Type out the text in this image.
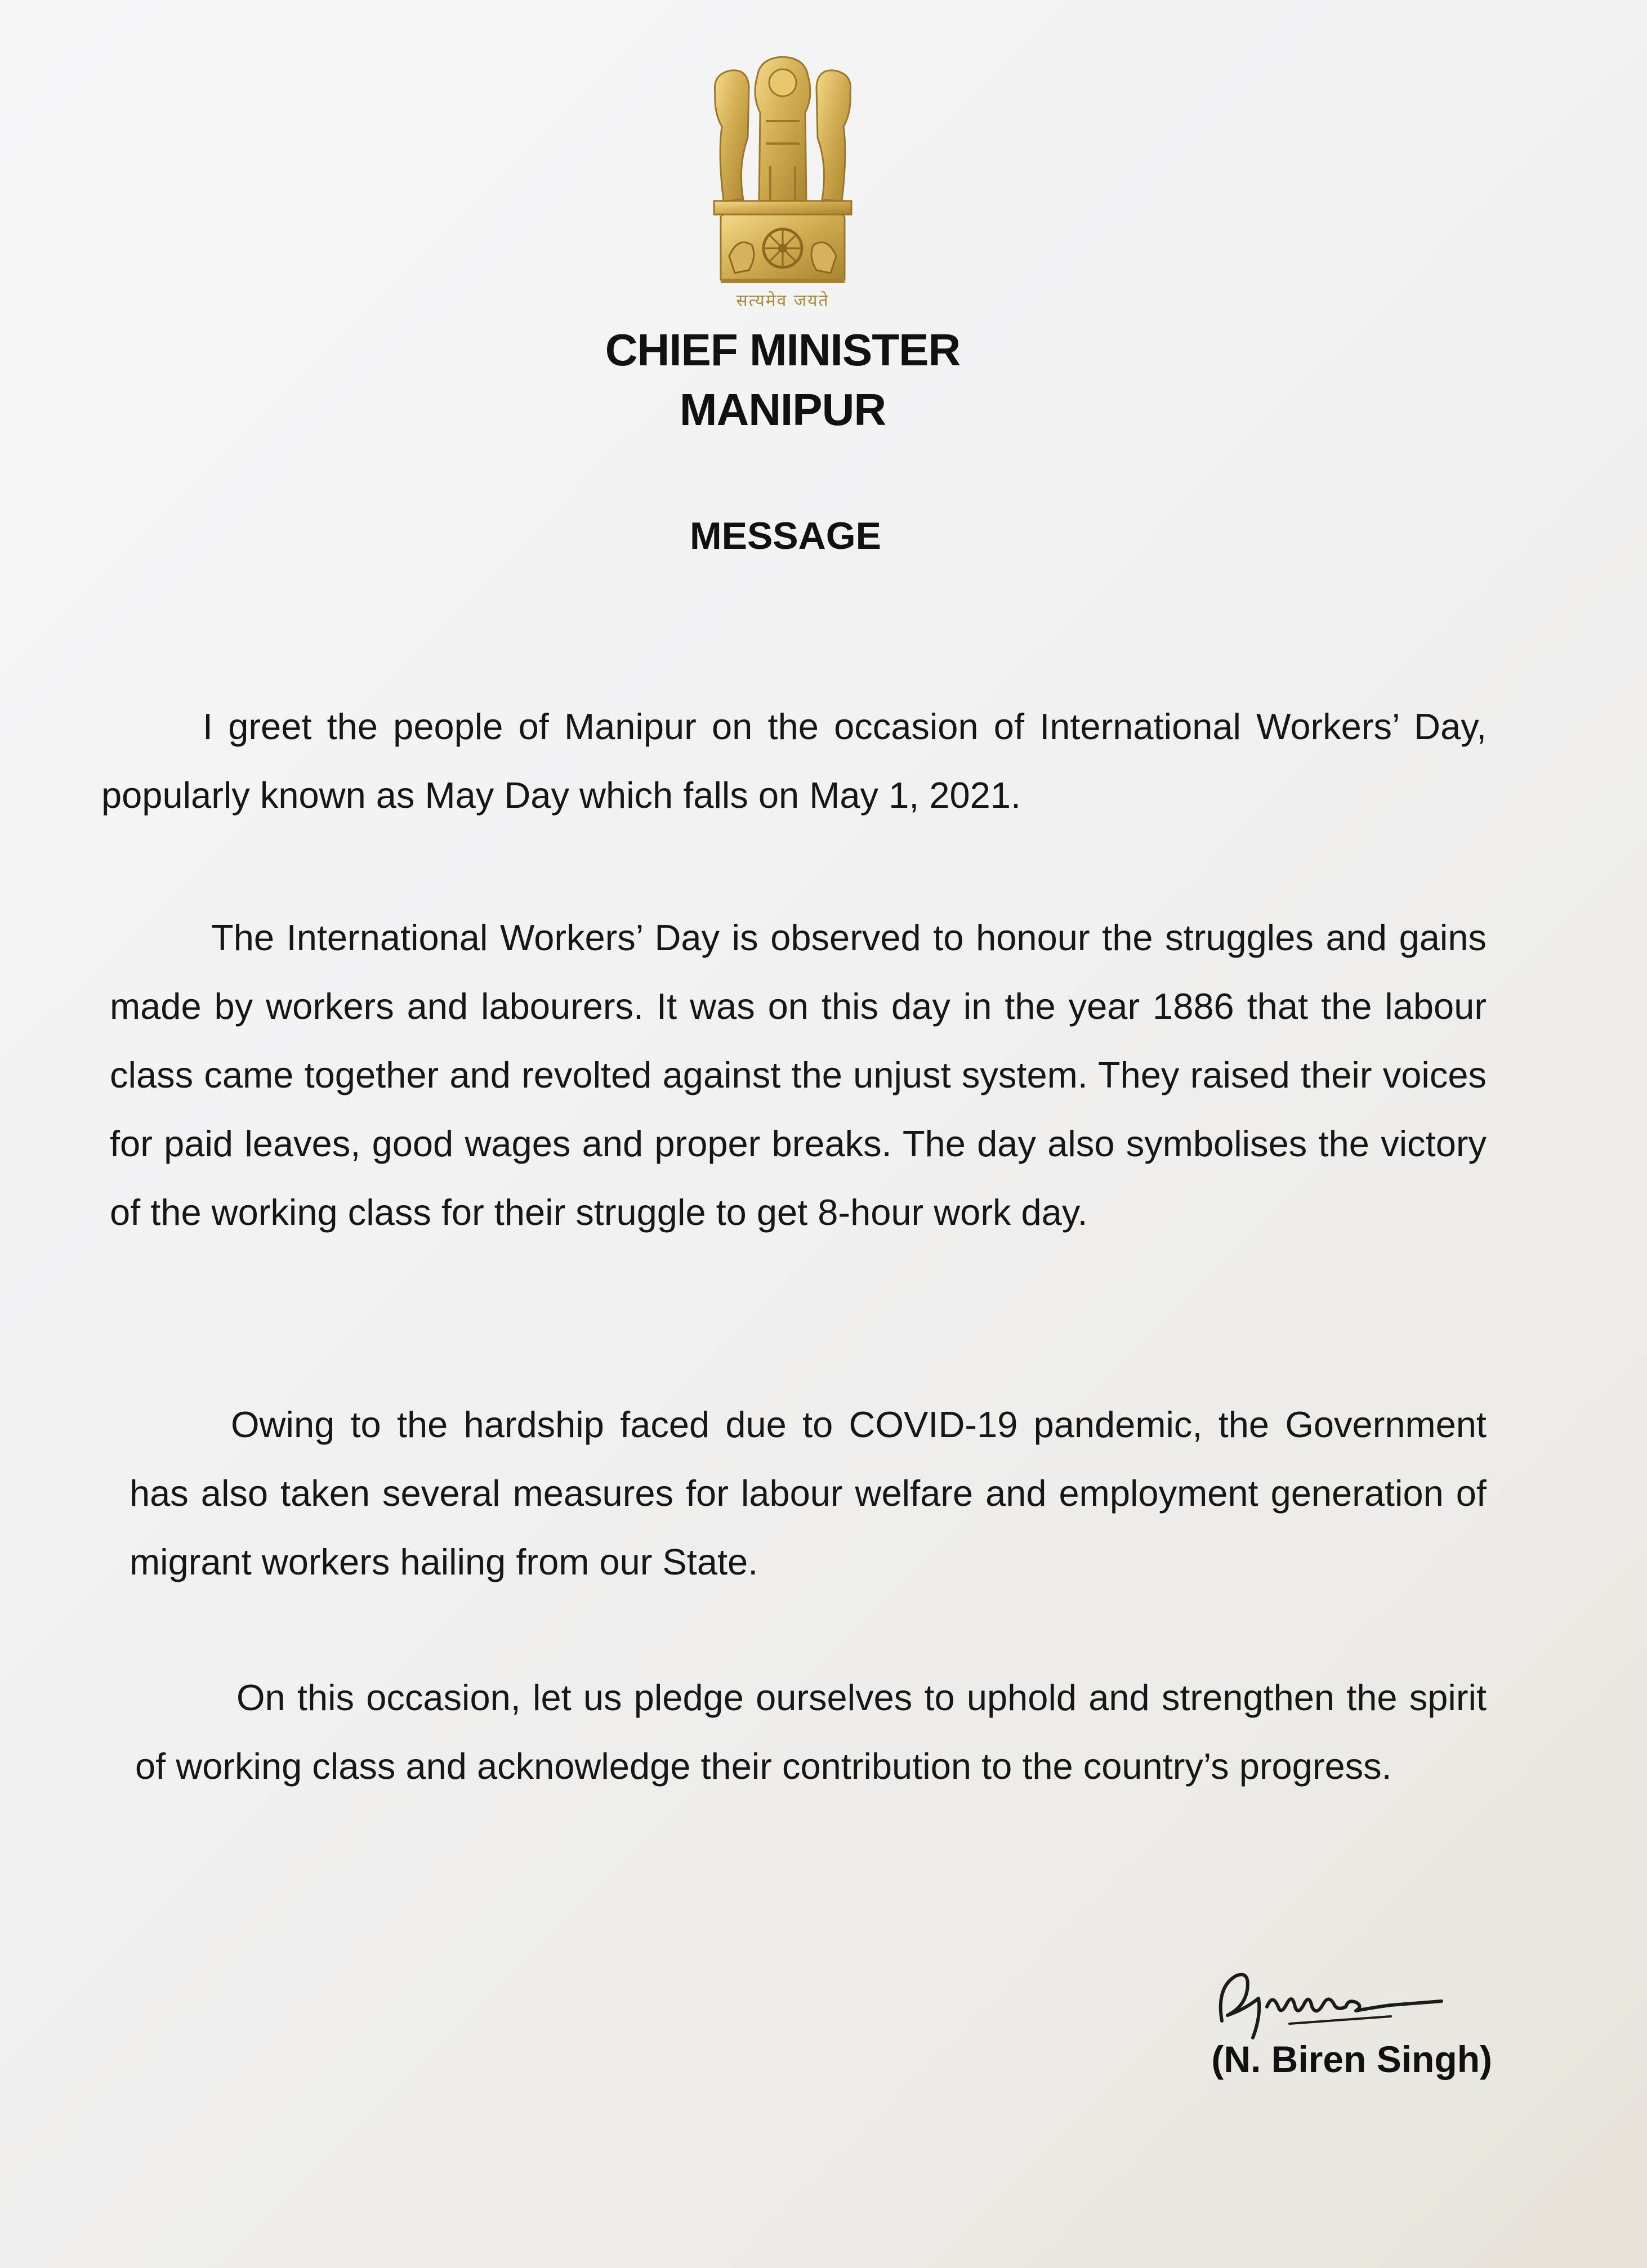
सत्यमेव जयते
CHIEF MINISTER
MANIPUR
MESSAGE

I greet the people of Manipur on the occasion of International Workers’ Day, popularly known as May Day which falls on May 1, 2021.

The International Workers’ Day is observed to honour the struggles and gains made by workers and labourers. It was on this day in the year 1886 that the labour class came together and revolted against the unjust system. They raised their voices for paid leaves, good wages and proper breaks. The day also symbolises the victory of the working class for their struggle to get 8-hour work day.

Owing to the hardship faced due to COVID-19 pandemic, the Government has also taken several measures for labour welfare and employment generation of migrant workers hailing from our State.

On this occasion, let us pledge ourselves to uphold and strengthen the spirit of working class and acknowledge their contribution to the country’s progress.

(N. Biren Singh)
